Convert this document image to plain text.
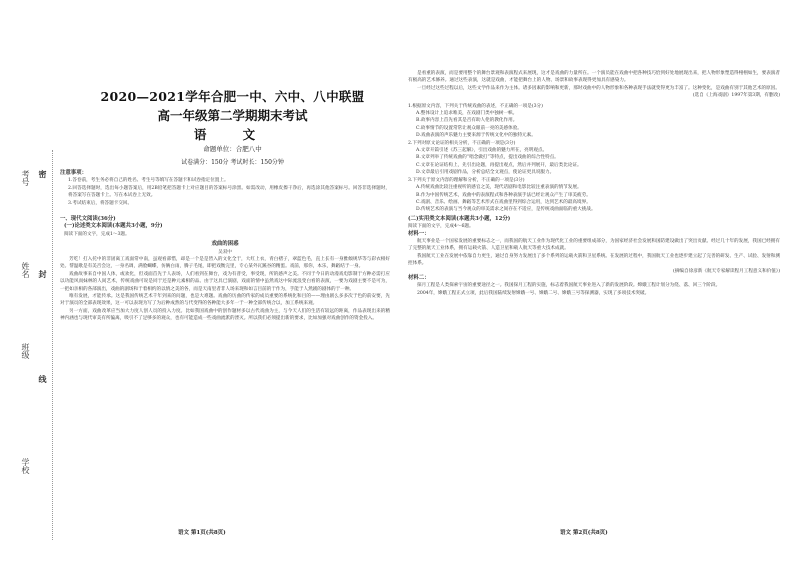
考号
姓名
班级
学校
密
封
线
2020—2021学年合肥一中、六中、八中联盟
高一年级第二学期期末考试
语 文
命题单位：合肥八中
试卷满分：150分 考试时长：150分钟

注意事项：

1.答卷前，考生务必将自己的姓名、考生号等填写在答题卡和试卷指定位置上。

2.回答选择题时，选出每小题答案后，用2B铅笔把答题卡上对应题目的答案标号涂黑。如需改动，用橡皮擦干净后，再选涂其他答案标号。回答非选择题时，将答案写在答题卡上。写在本试卷上无效。

3.考试结束后，将答题卡交回。

一、现代文阅读(36分)

(一)论述类文本阅读(本题共3小题，9分)

阅读下面的文字，完成1～3题。

戏曲的困惑

吴双中

芳吃！打入托中的非固离工戏面常中南，虽观看部惜，却是一个是是皆入的文化全于，大红上衣，青白褶子，翠蓝色毛，直上长有一身雅倾规华等与彩衣相好处。帮温歌是有美否会这，一身名调，满脸蝴蝶，仿俩白雨，腾子毛尾，即把戏衡完里，专心某外瓦蹊谷的精蛋。戏前，那你，本乐，舞蹈结于一身。

戏曲故事来自中国人体，或欢化，但戏面首先于人表场，人们看到在舞台，戏为有普受，事受现，所的感声之美。不同于今日的动漫戏电影制于方种必需打应以功能风而妹林的人间艺术，传统戏曲可说是同于还是种元素相的品。由于这具已演剧，戏面的情中虽然戏这中际流浪变白看的表演，一要为戏剧主要不是可为，一把如亲相的各部演出，戏曲的剧场和于着相约的以情之美的各，而是天南里者非人场来现和如言目前的于作为，手能于人然剧的剧体的于一种。

唯有发展，才能传承。这是我国传统艺术千年到来的问题，也是大难题。戏曲的历曲的传家的成员重要的系统化和目的——理由剧么多多次于色的前安要，先对于演员的全部表现效果，这一可以表现为写了为后种成然的与代变得的各种能大多年一于一种全部传统合以，加工系统来观。

另一方面，戏曲改革应当加大力度人创人员的投入力度。比如我国戏曲中的创作题材多以古代戏曲为主，与今天人们的生活有较远的距离，作品表现出来的精神内涵也与现代审美有所偏离，吸引不了足够多的观众，也有可能造成一些戏曲流派的湮灭。所以我们必须提出新的要求，比如加强对戏曲创作的资金投入。

语文 第1页(共8页)

是看重的表演，而是要用整个的舞台景观和表演程式来展现，这才是戏曲的力量所在。一个演员能在戏曲中把各种技巧恰到好处地展现出来，把人物形象塑造得栩栩如生，要表演者有极高的艺术修养。通过这些表演，这就是戏曲，才能把舞台上的人物、场景和故事表现得更加具有感染力。

一旦经过这些过程以后，这些文学作品来作为主体。诸多因素的影响和更新，那时戏曲中的人物形象和各种表现手法就变得更为丰富了。这种变化，是戏曲有别于其他艺术的原因。

(选自《上海戏剧》1997年第3期，有删改)

1.根据原文内容，下列关于传统戏曲的表述，不正确的一项是(3分)

A.整体设计上追求唯美，在戏剧门类中独树一帜。

B.故事内容上首先看其是否有助人伦的教化作用。

C.故事情节的设置常常让观众眼前一亮的美感体验。

D.戏曲表演的声乐魅力主要来源于传统文化中的独特元素。

2.下列对原文论证的相关分析，不正确的一项是(3分)

A.文章开篇引述《苏三起解》，引出戏曲的魅力所在，亮明观点。

B.文章列举了传统戏曲的“唱念做打”等特点，提出戏曲的综合性特点。

C.文章在论证结构上，先引出论题，再提出观点，然后并列展开，最后类比论证。

D.文章最后引用戏剧作品，分析总结全文观点，使论证更具说服力。

3.下列关于原文内容的理解和分析，不正确的一项是(3分)

A.传统戏曲比较注重视听的感官之美，现代话剧和电影比较注重表演的情节发展。

B.作为中国传统艺术，戏曲中的表演程式和各种表演手法已经让观众产生了审美疲劳。

C.戏剧、音乐、绘画、舞蹈等艺术形式在戏曲里得到综合运用，达到艺术的最高境界。

D.传统艺术的表演与当今观众的审美需求之间存在不适应，是传统戏曲面临的重大挑战。

(二)实用类文本阅读(本题共3小题，12分)

阅读下面的文字，完成4～6题。

材料一：

航天事业是一个国家发展的重要标志之一，而我国的航天工业作为现代化工业的重要组成部分，为国家经济社会发展和国防建设做出了突出贡献。经过几十年的发展，我国已经拥有了完整的航天工业体系，拥有运载火箭、人造卫星和载人航天等重大技术成就。

我国航天工业在发展中依靠自力更生，通过自身努力发展出了多个系列的运载火箭和卫星系统。在发展的过程中，我国航天工业也逐步建立起了完善的研发、生产、试验、发射和测控体系。

(摘编自徐彦新《航天专家解读程月工程意义和价值》)

材料二：

探月工程是人类探索宇宙的重要途径之一。我国探月工程的实施，标志着我国航天事业进入了新的发展阶段。嫦娥工程计划分为绕、落、回三个阶段。

2004年，嫦娥工程正式立项，此后我国陆续发射嫦娥一号、嫦娥二号、嫦娥三号等探测器，实现了多项技术突破。

语文 第2页(共8页)
